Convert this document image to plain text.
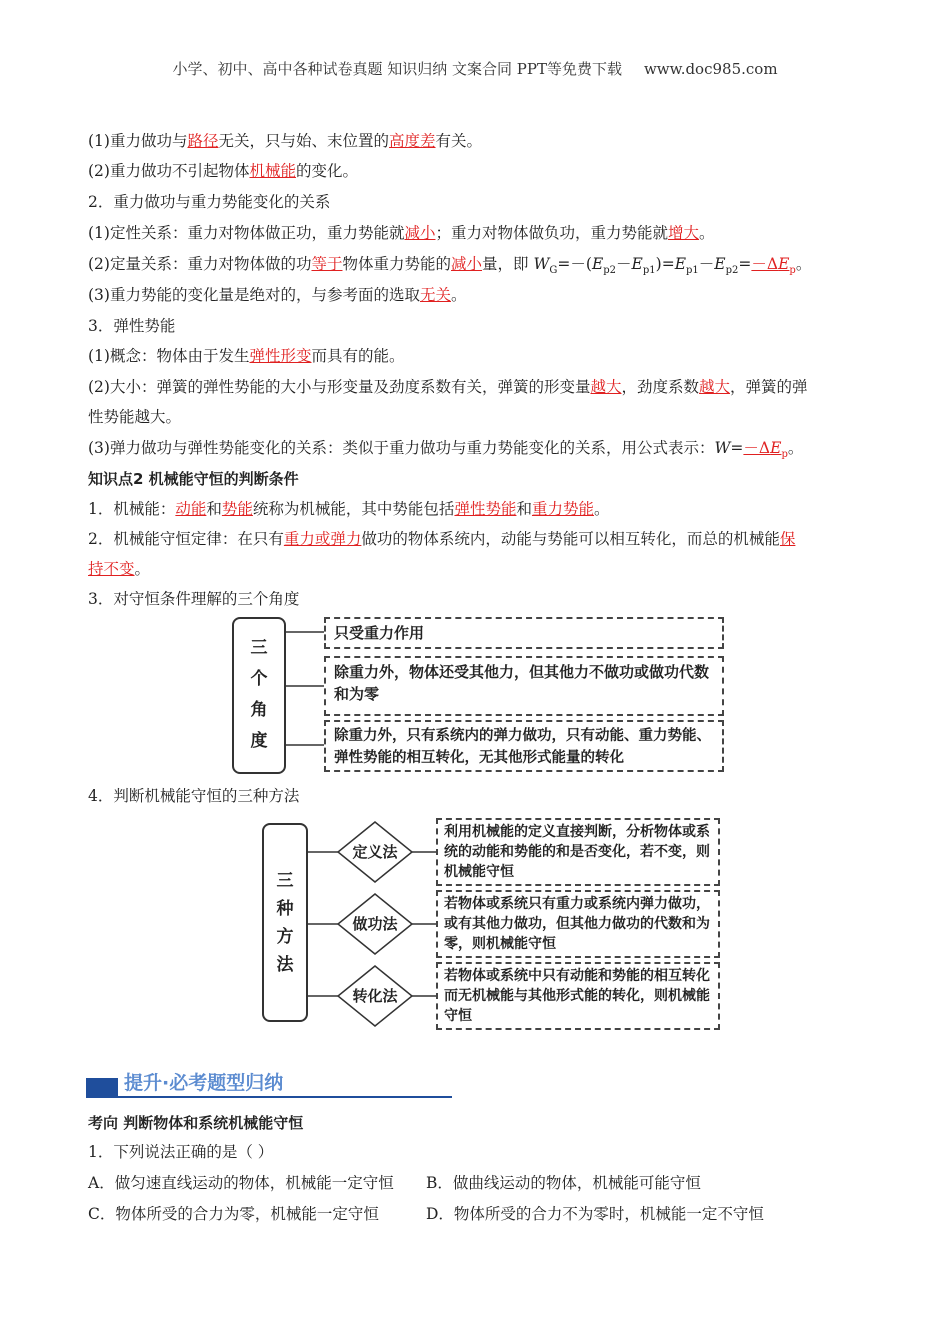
小学、初中、高中各种试卷真题 知识归纳 文案合同 PPT等免费下载 www.doc985.com
(1)重力做功与路径无关，只与始、末位置的高度差有关。
(2)重力做功不引起物体机械能的变化。
2．重力做功与重力势能变化的关系
(1)定性关系：重力对物体做正功，重力势能就减小；重力对物体做负功，重力势能就增大。
(2)定量关系：重力对物体做的功等于物体重力势能的减小量，即 $W_G=-(E_{p2}-E_{p1})=E_{p1}-E_{p2}=-\Delta E_p$。
(3)重力势能的变化量是绝对的，与参考面的选取无关。
3．弹性势能
(1)概念：物体由于发生弹性形变而具有的能。
(2)大小：弹簧的弹性势能的大小与形变量及劲度系数有关，弹簧的形变量越大，劲度系数越大，弹簧的弹
性势能越大。
(3)弹力做功与弹性势能变化的关系：类似于重力做功与重力势能变化的关系，用公式表示：$W=-\Delta E_p$。
知识点2 机械能守恒的判断条件
1．机械能：动能和势能统称为机械能，其中势能包括弹性势能和重力势能。
2．机械能守恒定律：在只有重力或弹力做功的物体系统内，动能与势能可以相互转化，而总的机械能保
持不变。
3．对守恒条件理解的三个角度
三
个
角
度
只受重力作用
除重力外，物体还受其他力，但其他力不做功或做功代数和为零
除重力外，只有系统内的弹力做功，只有动能、重力势能、弹性势能的相互转化，无其他形式能量的转化
4．判断机械能守恒的三种方法
三
种
方
法
定义法
做功法
转化法
利用机械能的定义直接判断，分析物体或系统的动能和势能的和是否变化，若不变，则机械能守恒
若物体或系统只有重力或系统内弹力做功，或有其他力做功，但其他力做功的代数和为零，则机械能守恒
若物体或系统中只有动能和势能的相互转化而无机械能与其他形式能的转化，则机械能守恒
提升·必考题型归纳
考向 判断物体和系统机械能守恒
1．下列说法正确的是（ ）
A．做匀速直线运动的物体，机械能一定守恒 B．做曲线运动的物体，机械能可能守恒
C．物体所受的合力为零，机械能一定守恒	D．物体所受的合力不为零时，机械能一定不守恒
